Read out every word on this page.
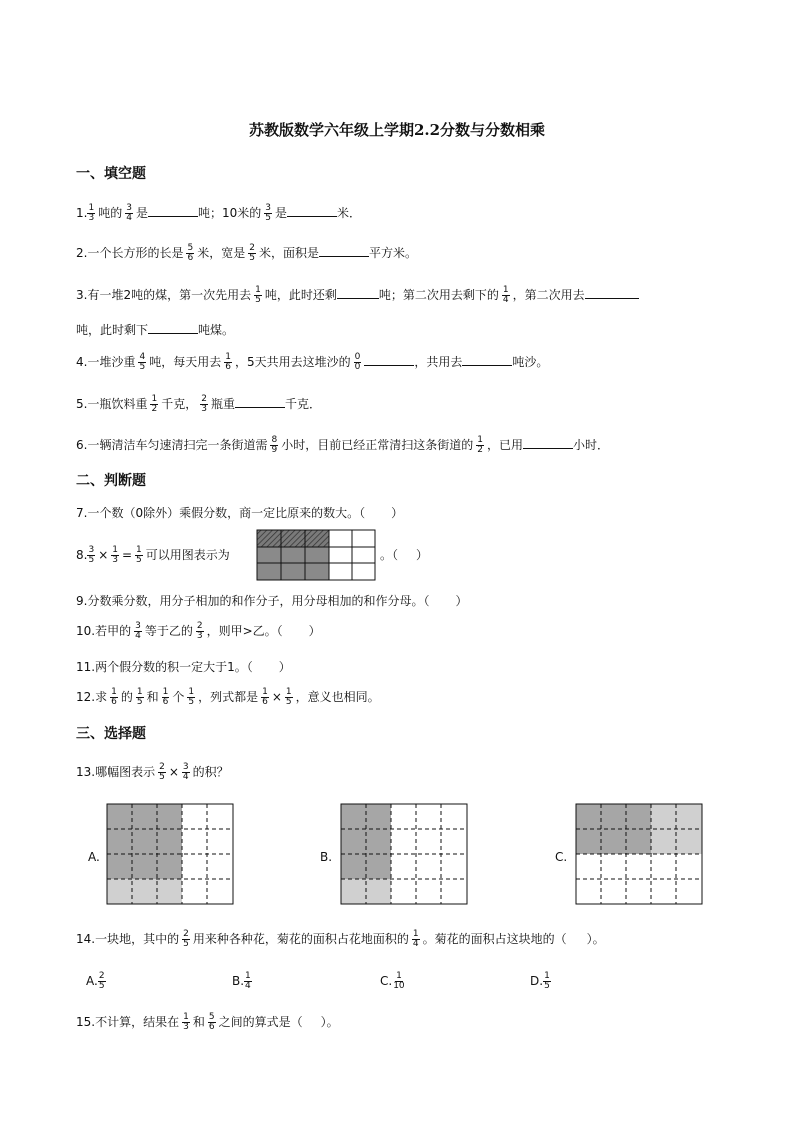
苏教版数学六年级上学期2.2分数与分数相乘
一、填空题
1. $\frac{1}{3}$ 吨的 $\frac{3}{4}$ 是	吨；10米的 $\frac{3}{5}$ 是	米．
2.一个长方形的长是 $\frac{5}{6}$ 米，宽是 $\frac{2}{5}$ 米，面积是	平方米。
3.有一堆2吨的煤，第一次先用去 $\frac{1}{5}$ 吨，此时还剩	吨；第二次用去剩下的 $\frac{1}{4}$ ，第二次用去
吨，此时剩下	吨煤。
4.一堆沙重 $\frac{4}{5}$ 吨，每天用去 $\frac{1}{6}$ ，5天共用去这堆沙的 $\frac{0}{0}$	，共用去	吨沙。
5.一瓶饮料重 $\frac{1}{2}$ 千克， $\frac{2}{3}$ 瓶重	千克．
6.一辆清洁车匀速清扫完一条街道需 $\frac{8}{9}$ 小时，目前已经正常清扫这条街道的 $\frac{1}{2}$ ，已用	小时．
二、判断题
7.一个数（0除外）乘假分数，商一定比原来的数大。（ ）
8. $\frac{3}{5} \times \frac{1}{3} = \frac{1}{5}$ 可以用图表示为	。（ ）
9.分数乘分数，用分子相加的和作分子，用分母相加的和作分母。（ ）
10.若甲的 $\frac{3}{4}$ 等于乙的 $\frac{2}{3}$ ，则甲>乙。（ ）
11.两个假分数的积一定大于1。（ ）
12.求 $\frac{1}{6}$ 的 $\frac{1}{5}$ 和 $\frac{1}{6}$ 个 $\frac{1}{5}$ ，列式都是 $\frac{1}{6} \times \frac{1}{5}$ ，意义也相同。
三、选择题
13.哪幅图表示 $\frac{2}{5} \times \frac{3}{4}$ 的积？
A.	B.	C.
14.一块地，其中的 $\frac{2}{5}$ 用来种各种花，菊花的面积占花地面积的 $\frac{1}{4}$ 。菊花的面积占这块地的（ ）。
A. $\frac{2}{5}$	B. $\frac{1}{4}$	C. $\frac{1}{10}$	D. $\frac{1}{5}$
15.不计算，结果在 $\frac{1}{3}$ 和 $\frac{5}{6}$ 之间的算式是（ ）。
